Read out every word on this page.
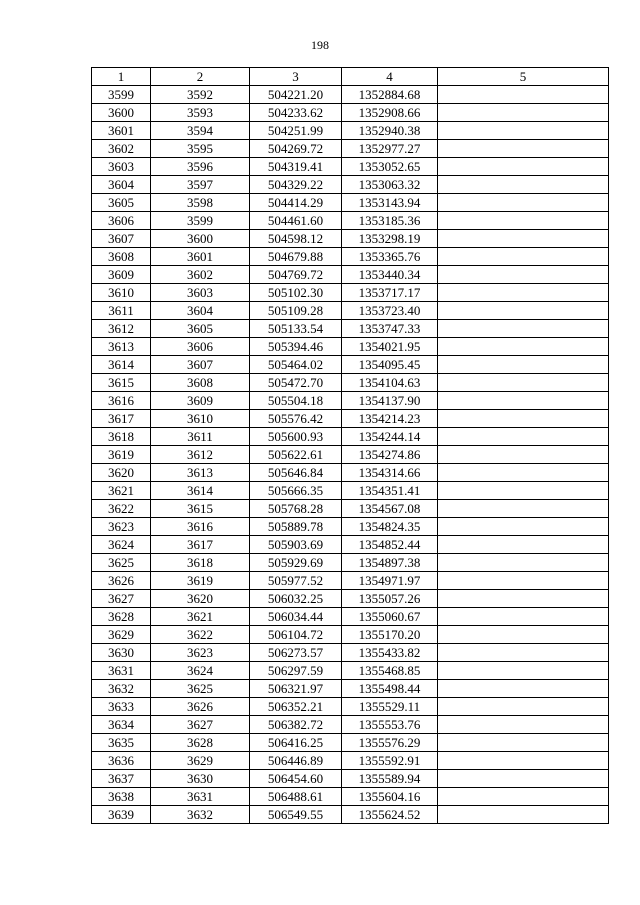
198
1	2	3	4	5
3599	3592	504221.20	1352884.68	
3600	3593	504233.62	1352908.66	
3601	3594	504251.99	1352940.38	
3602	3595	504269.72	1352977.27	
3603	3596	504319.41	1353052.65	
3604	3597	504329.22	1353063.32	
3605	3598	504414.29	1353143.94	
3606	3599	504461.60	1353185.36	
3607	3600	504598.12	1353298.19	
3608	3601	504679.88	1353365.76	
3609	3602	504769.72	1353440.34	
3610	3603	505102.30	1353717.17	
3611	3604	505109.28	1353723.40	
3612	3605	505133.54	1353747.33	
3613	3606	505394.46	1354021.95	
3614	3607	505464.02	1354095.45	
3615	3608	505472.70	1354104.63	
3616	3609	505504.18	1354137.90	
3617	3610	505576.42	1354214.23	
3618	3611	505600.93	1354244.14	
3619	3612	505622.61	1354274.86	
3620	3613	505646.84	1354314.66	
3621	3614	505666.35	1354351.41	
3622	3615	505768.28	1354567.08	
3623	3616	505889.78	1354824.35	
3624	3617	505903.69	1354852.44	
3625	3618	505929.69	1354897.38	
3626	3619	505977.52	1354971.97	
3627	3620	506032.25	1355057.26	
3628	3621	506034.44	1355060.67	
3629	3622	506104.72	1355170.20	
3630	3623	506273.57	1355433.82	
3631	3624	506297.59	1355468.85	
3632	3625	506321.97	1355498.44	
3633	3626	506352.21	1355529.11	
3634	3627	506382.72	1355553.76	
3635	3628	506416.25	1355576.29	
3636	3629	506446.89	1355592.91	
3637	3630	506454.60	1355589.94	
3638	3631	506488.61	1355604.16	
3639	3632	506549.55	1355624.52	
